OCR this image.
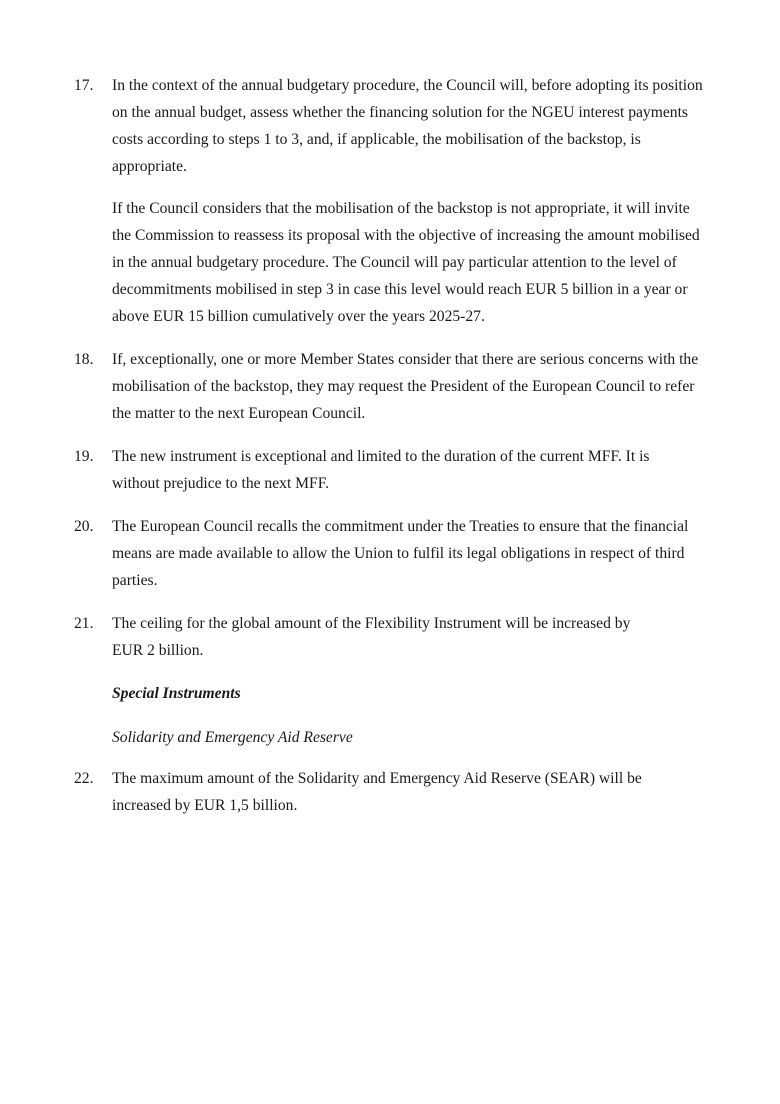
17. In the context of the annual budgetary procedure, the Council will, before adopting its position on the annual budget, assess whether the financing solution for the NGEU interest payments costs according to steps 1 to 3, and, if applicable, the mobilisation of the backstop, is appropriate.

If the Council considers that the mobilisation of the backstop is not appropriate, it will invite the Commission to reassess its proposal with the objective of increasing the amount mobilised in the annual budgetary procedure. The Council will pay particular attention to the level of decommitments mobilised in step 3 in case this level would reach EUR 5 billion in a year or above EUR 15 billion cumulatively over the years 2025-27.

18. If, exceptionally, one or more Member States consider that there are serious concerns with the mobilisation of the backstop, they may request the President of the European Council to refer the matter to the next European Council.

19. The new instrument is exceptional and limited to the duration of the current MFF. It is without prejudice to the next MFF.

20. The European Council recalls the commitment under the Treaties to ensure that the financial means are made available to allow the Union to fulfil its legal obligations in respect of third parties.

21. The ceiling for the global amount of the Flexibility Instrument will be increased by EUR 2 billion.

Special Instruments

Solidarity and Emergency Aid Reserve

22. The maximum amount of the Solidarity and Emergency Aid Reserve (SEAR) will be increased by EUR 1,5 billion.
